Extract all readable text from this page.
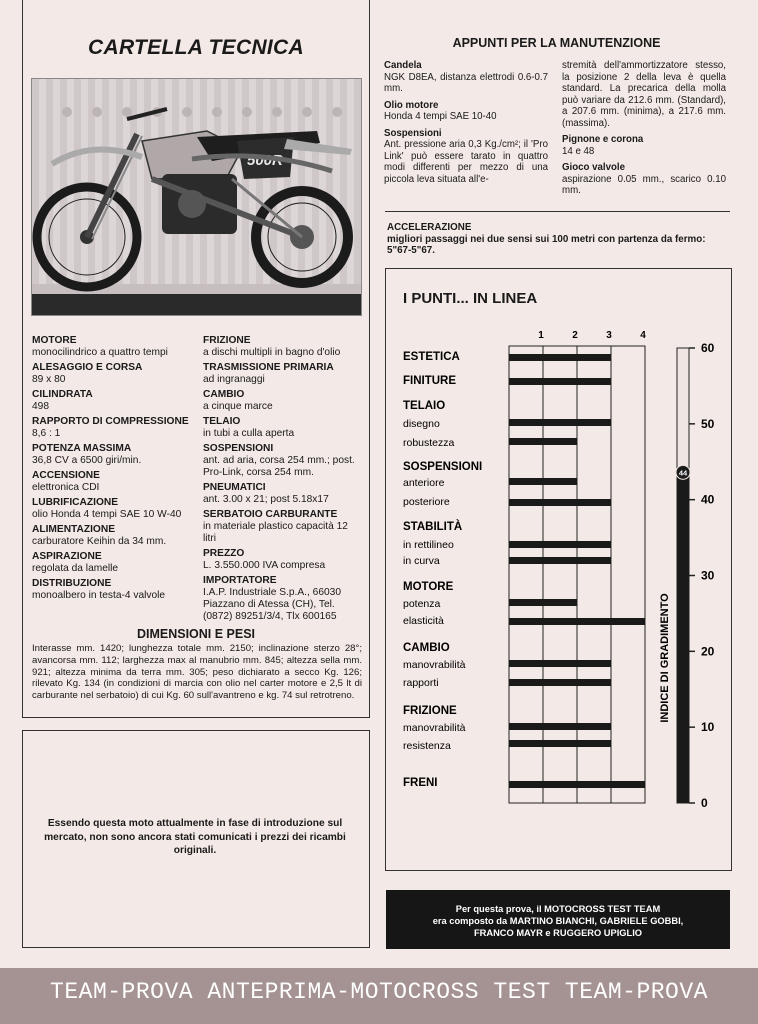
CARTELLA TECNICA
500R
MOTORE
monocilindrico a quattro tempi
ALESAGGIO E CORSA
89 x 80
CILINDRATA
498
RAPPORTO DI COMPRESSIONE
8,6 : 1
POTENZA MASSIMA
36,8 CV a 6500 giri/min.
ACCENSIONE
elettronica CDI
LUBRIFICAZIONE
olio Honda 4 tempi SAE 10 W-40
ALIMENTAZIONE
carburatore Keihin da 34 mm.
ASPIRAZIONE
regolata da lamelle
DISTRIBUZIONE
monoalbero in testa-4 valvole
FRIZIONE
a dischi multipli in bagno d'olio
TRASMISSIONE PRIMARIA
ad ingranaggi
CAMBIO
a cinque marce
TELAIO
in tubi a culla aperta
SOSPENSIONI
ant. ad aria, corsa 254 mm.; post. Pro-Link, corsa 254 mm.
PNEUMATICI
ant. 3.00 x 21; post 5.18x17
SERBATOIO CARBURANTE
in materiale plastico capacità 12 litri
PREZZO
L. 3.550.000 IVA compresa
IMPORTATORE
I.A.P. Industriale S.p.A., 66030 Piazzano di Atessa (CH), Tel. (0872) 89251/3/4, Tlx 600165
DIMENSIONI E PESI
Interasse mm. 1420; lunghezza totale mm. 2150; inclinazione sterzo 28°; avancorsa mm. 112; larghezza max al manubrio mm. 845; altezza sella mm. 921; altezza minima da terra mm. 305; peso dichiarato a secco Kg. 126; rilevato Kg. 134 (in condizioni di marcia con olio nel carter motore e 2,5 lt di carburante nel serbatoio) di cui Kg. 60 sull'avantreno e kg. 74 sul retrotreno.
Essendo questa moto attualmente in fase di introduzione sul mercato, non sono ancora stati comunicati i prezzi dei ricambi originali.
APPUNTI PER LA MANUTENZIONE
Candela
NGK D8EA, distanza elettrodi 0.6-0.7 mm.
Olio motore
Honda 4 tempi SAE 10-40
Sospensioni
Ant. pressione aria 0,3 Kg./cm²; il 'Pro Link' può essere tarato in quattro modi differenti per mezzo di una piccola leva situata all'e-
stremità dell'ammortizzatore stesso, la posizione 2 della leva è quella standard. La precarica della molla può variare da 212.6 mm. (Standard), a 207.6 mm. (minima), a 217.6 mm. (massima).
Pignone e corona
14 e 48
Gioco valvole
aspirazione 0.05 mm., scarico 0.10 mm.
ACCELERAZIONE
migliori passaggi nei due sensi sui 100 metri con partenza da fermo:
5"67-5"67.
I PUNTI... IN LINEA
1	2	3	4
ESTETICA
FINITURE
TELAIO
disegno
robustezza
SOSPENSIONI
anteriore
posteriore
STABILITÀ
in rettilineo
in curva
MOTORE
potenza
elasticità
CAMBIO
manovrabilità
rapporti
FRIZIONE
manovrabilità
resistenza
FRENI
0
10
20
30
40
50
60
44
INDICE DI GRADIMENTO
Per questa prova, il MOTOCROSS TEST TEAM
era composto da MARTINO BIANCHI, GABRIELE GOBBI,
FRANCO MAYR e RUGGERO UPIGLIO
TEAM-PROVA ANTEPRIMA-MOTOCROSS TEST TEAM-PROVA
